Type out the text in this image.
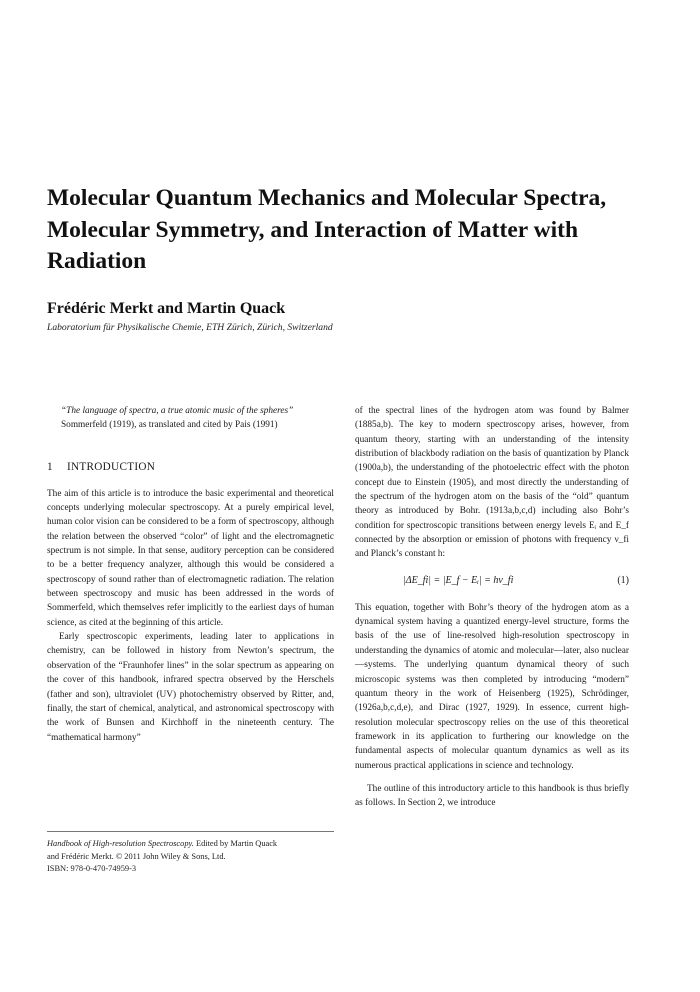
Molecular Quantum Mechanics and Molecular Spectra, Molecular Symmetry, and Interaction of Matter with Radiation
Frédéric Merkt and Martin Quack
Laboratorium für Physikalische Chemie, ETH Zürich, Zürich, Switzerland
“The language of spectra, a true atomic music of the spheres”
Sommerfeld (1919), as translated and cited by Pais (1991)
1 INTRODUCTION

The aim of this article is to introduce the basic experimental and theoretical concepts underlying molecular spectroscopy. At a purely empirical level, human color vision can be considered to be a form of spectroscopy, although the relation between the observed “color” of light and the electromagnetic spectrum is not simple. In that sense, auditory perception can be considered to be a better frequency analyzer, although this would be considered a spectroscopy of sound rather than of electromagnetic radiation. The relation between spectroscopy and music has been addressed in the words of Sommerfeld, which themselves refer implicitly to the earliest days of human science, as cited at the beginning of this article.

Early spectroscopic experiments, leading later to applications in chemistry, can be followed in history from Newton’s spectrum, the observation of the “Fraunhofer lines” in the solar spectrum as appearing on the cover of this handbook, infrared spectra observed by the Herschels (father and son), ultraviolet (UV) photochemistry observed by Ritter, and, finally, the start of chemical, analytical, and astronomical spectroscopy with the work of Bunsen and Kirchhoff in the nineteenth century. The “mathematical harmony”

Handbook of High-resolution Spectroscopy. Edited by Martin Quack
and Frédéric Merkt. © 2011 John Wiley & Sons, Ltd.
ISBN: 978-0-470-74959-3

of the spectral lines of the hydrogen atom was found by Balmer (1885a,b). The key to modern spectroscopy arises, however, from quantum theory, starting with an understanding of the intensity distribution of blackbody radiation on the basis of quantization by Planck (1900a,b), the understanding of the photoelectric effect with the photon concept due to Einstein (1905), and most directly the understanding of the spectrum of the hydrogen atom on the basis of the “old” quantum theory as introduced by Bohr. (1913a,b,c,d) including also Bohr’s condition for spectroscopic transitions between energy levels Eᵢ and E_f connected by the absorption or emission of photons with frequency ν_fi and Planck’s constant h:

|ΔE_fi| = |E_f − Eᵢ| = hν_fi	(1)

This equation, together with Bohr’s theory of the hydrogen atom as a dynamical system having a quantized energy-level structure, forms the basis of the use of line-resolved high-resolution spectroscopy in understanding the dynamics of atomic and molecular—later, also nuclear—systems. The underlying quantum dynamical theory of such microscopic systems was then completed by introducing “modern” quantum theory in the work of Heisenberg (1925), Schrödinger, (1926a,b,c,d,e), and Dirac (1927, 1929). In essence, current high-resolution molecular spectroscopy relies on the use of this theoretical framework in its application to furthering our knowledge on the fundamental aspects of molecular quantum dynamics as well as its numerous practical applications in science and technology.

The outline of this introductory article to this handbook is thus briefly as follows. In Section 2, we introduce
